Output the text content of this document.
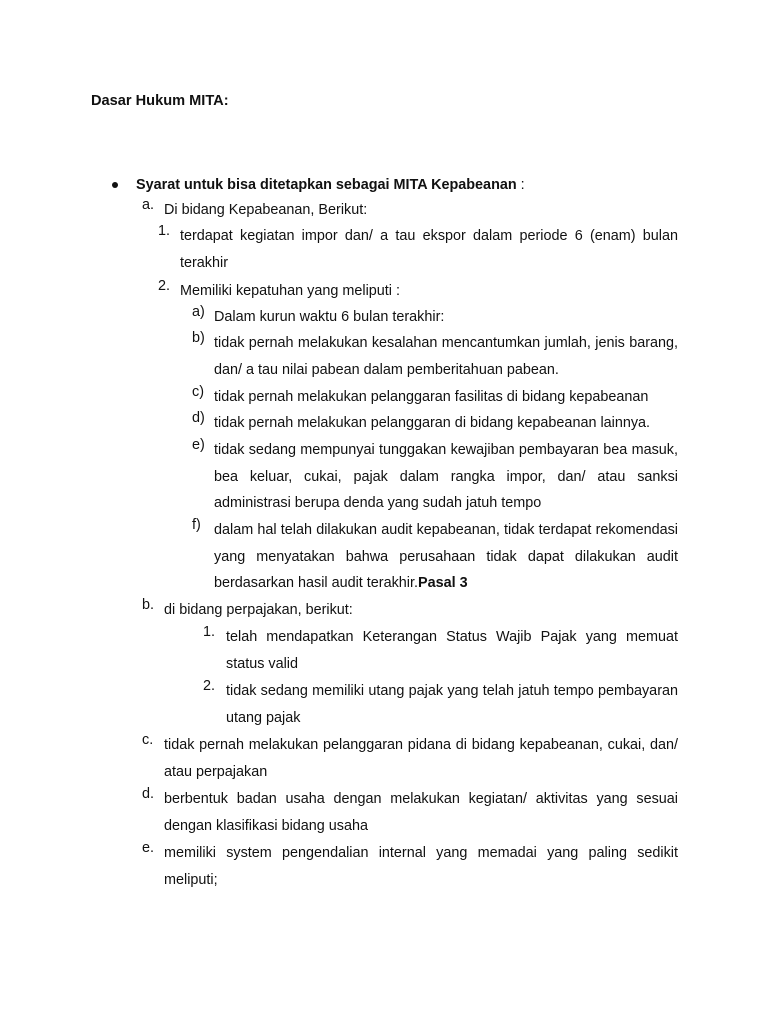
Dasar Hukum MITA:
Syarat untuk bisa ditetapkan sebagai MITA Kepabeanan :
a. Di bidang Kepabeanan, Berikut:
1. terdapat kegiatan impor dan/ a tau ekspor dalam periode 6 (enam) bulan terakhir
2. Memiliki kepatuhan yang meliputi :
a) Dalam kurun waktu 6 bulan terakhir:
b) tidak pernah melakukan kesalahan mencantumkan jumlah, jenis barang, dan/ a tau nilai pabean dalam pemberitahuan pabean.
c) tidak pernah melakukan pelanggaran fasilitas di bidang kepabeanan
d) tidak pernah melakukan pelanggaran di bidang kepabeanan lainnya.
e) tidak sedang mempunyai tunggakan kewajiban pembayaran bea masuk, bea keluar, cukai, pajak dalam rangka impor, dan/ atau sanksi administrasi berupa denda yang sudah jatuh tempo
f) dalam hal telah dilakukan audit kepabeanan, tidak terdapat rekomendasi yang menyatakan bahwa perusahaan tidak dapat dilakukan audit berdasarkan hasil audit terakhir.Pasal 3
b. di bidang perpajakan, berikut:
1. telah mendapatkan Keterangan Status Wajib Pajak yang memuat status valid
2. tidak sedang memiliki utang pajak yang telah jatuh tempo pembayaran utang pajak
c. tidak pernah melakukan pelanggaran pidana di bidang kepabeanan, cukai, dan/ atau perpajakan
d. berbentuk badan usaha dengan melakukan kegiatan/ aktivitas yang sesuai dengan klasifikasi bidang usaha
e. memiliki system pengendalian internal yang memadai yang paling sedikit meliputi;
